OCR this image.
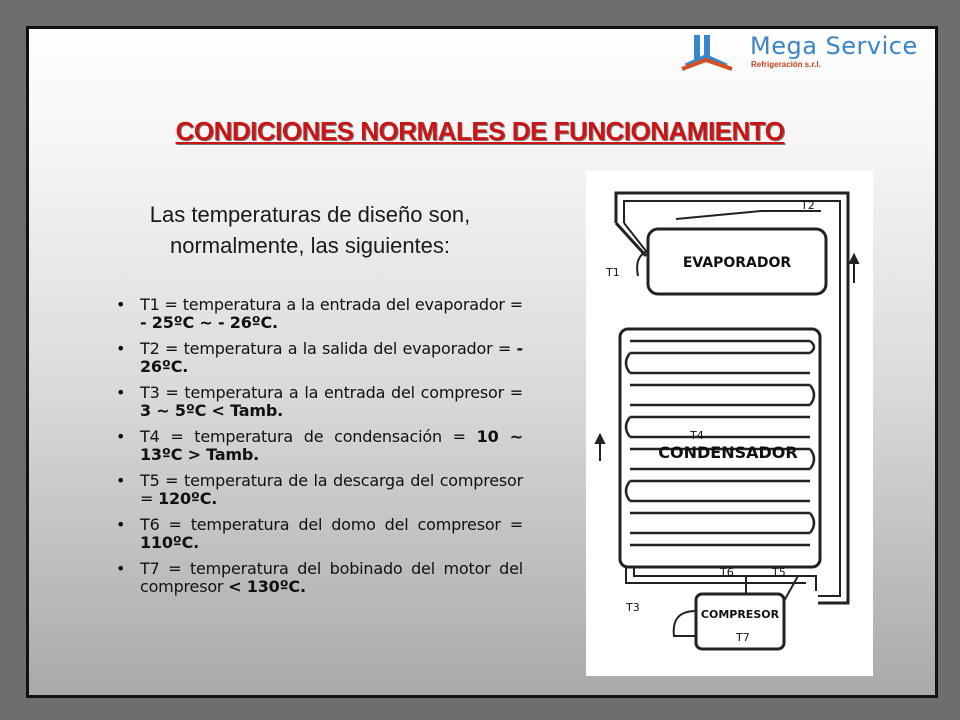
Mega Service
Refrigeración s.r.l.
CONDICIONES NORMALES DE FUNCIONAMIENTO
Las temperaturas de diseño son, normalmente, las siguientes:
• T1 = temperatura a la entrada del evaporador = - 25ºC ~ - 26ºC.
• T2 = temperatura a la salida del evaporador = - 26ºC.
• T3 = temperatura a la entrada del compresor = 3 ~ 5ºC < Tamb.
• T4 = temperatura de condensación = 10 ~ 13ºC > Tamb.
• T5 = temperatura de la descarga del compresor = 120ºC.
• T6 = temperatura del domo del compresor = 110ºC.
• T7 = temperatura del bobinado del motor del compresor < 130ºC.
EVAPORADOR
CONDENSADOR
COMPRESOR
T1
T2
T3
T4
T5
T6
T7
